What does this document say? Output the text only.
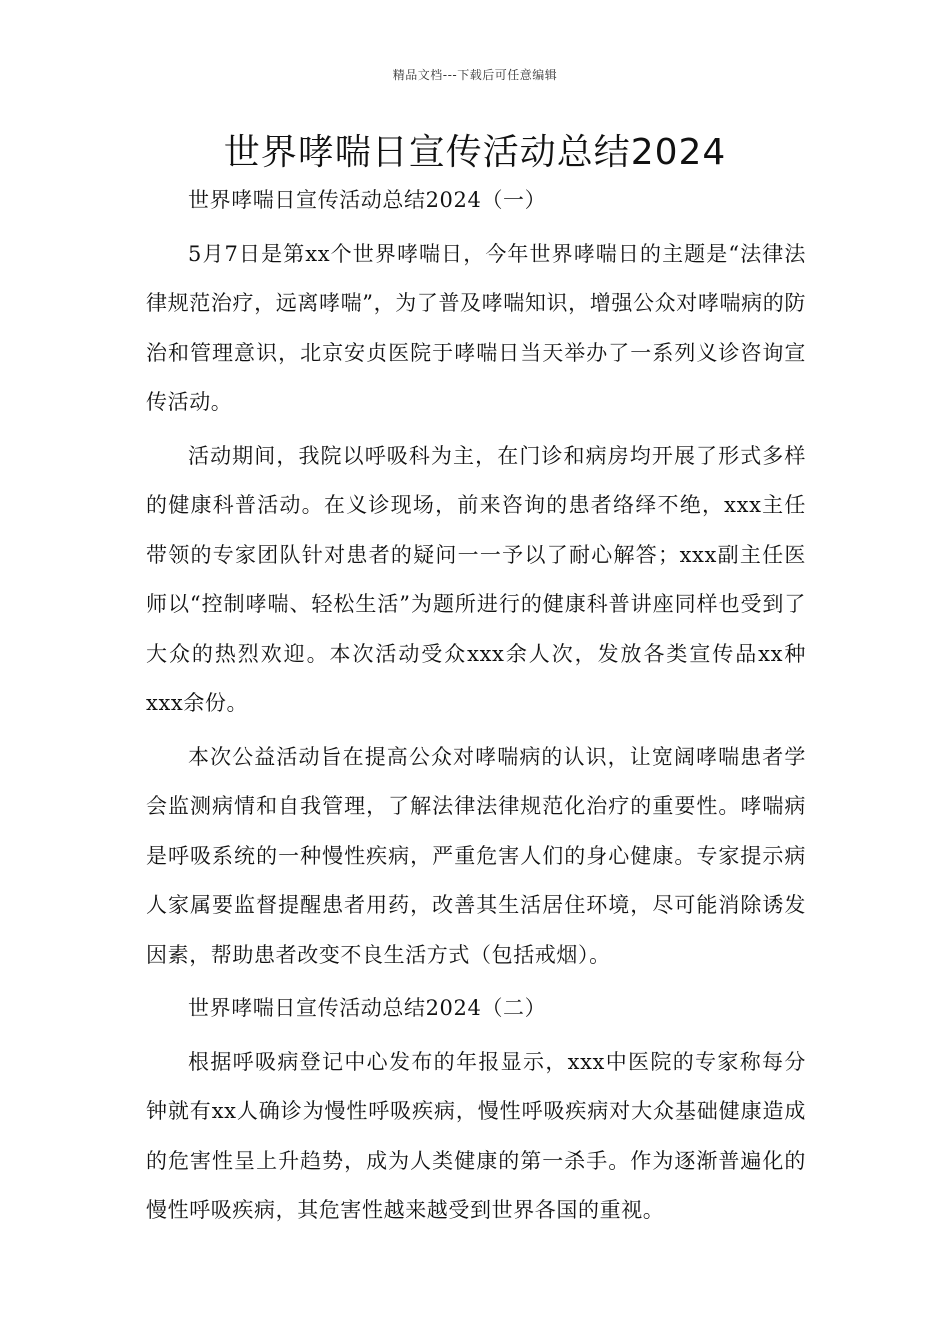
精品文档---下载后可任意编辑
世界哮喘日宣传活动总结2024

世界哮喘日宣传活动总结2024（一）

5月7日是第xx个世界哮喘日，今年世界哮喘日的主题是“法律法律规范治疗，远离哮喘”，为了普及哮喘知识，增强公众对哮喘病的防治和管理意识，北京安贞医院于哮喘日当天举办了一系列义诊咨询宣传活动。

活动期间，我院以呼吸科为主，在门诊和病房均开展了形式多样的健康科普活动。在义诊现场，前来咨询的患者络绎不绝，xxx主任带领的专家团队针对患者的疑问一一予以了耐心解答；xxx副主任医师以“控制哮喘、轻松生活”为题所进行的健康科普讲座同样也受到了大众的热烈欢迎。本次活动受众xxx余人次，发放各类宣传品xx种xxx余份。

本次公益活动旨在提高公众对哮喘病的认识，让宽阔哮喘患者学会监测病情和自我管理，了解法律法律规范化治疗的重要性。哮喘病是呼吸系统的一种慢性疾病，严重危害人们的身心健康。专家提示病人家属要监督提醒患者用药，改善其生活居住环境，尽可能消除诱发因素，帮助患者改变不良生活方式（包括戒烟）。

世界哮喘日宣传活动总结2024（二）

根据呼吸病登记中心发布的年报显示，xxx中医院的专家称每分钟就有xx人确诊为慢性呼吸疾病，慢性呼吸疾病对大众基础健康造成的危害性呈上升趋势，成为人类健康的第一杀手。作为逐渐普遍化的慢性呼吸疾病，其危害性越来越受到世界各国的重视。
